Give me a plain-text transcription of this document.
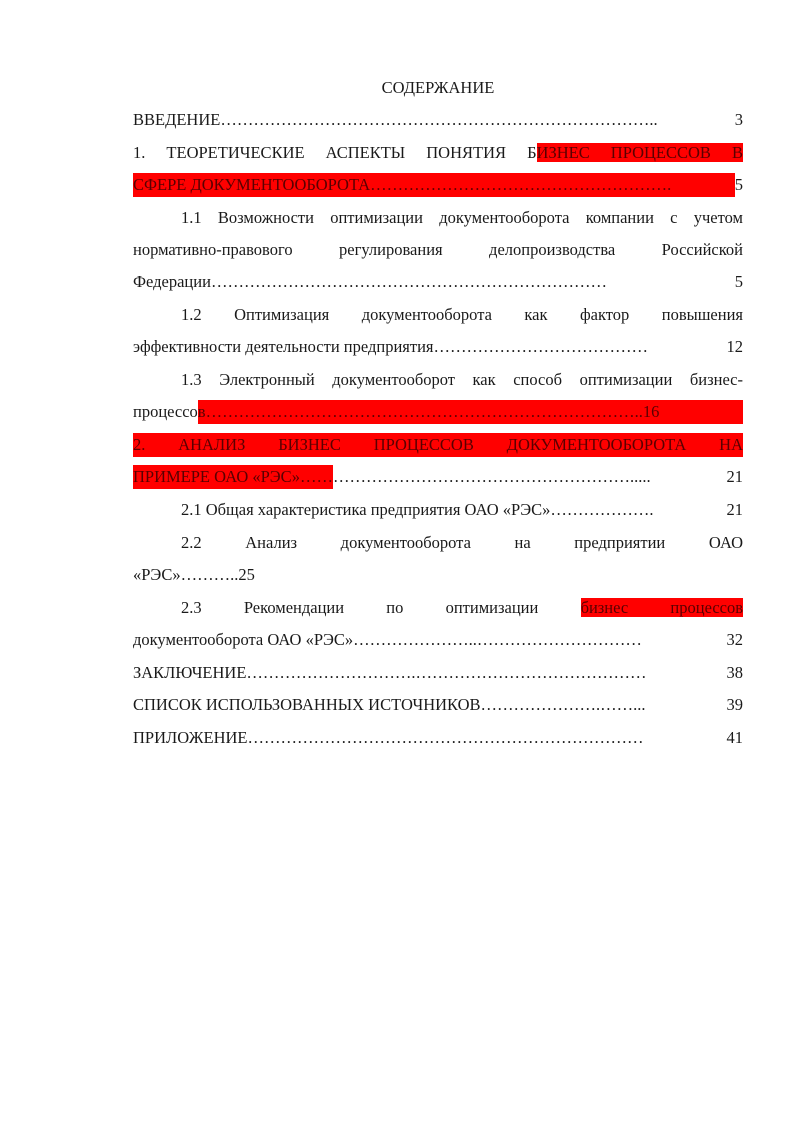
СОДЕРЖАНИЕ
ВВЕДЕНИЕ ……………………………………………………………………..	3
1. ТЕОРЕТИЧЕСКИЕ АСПЕКТЫ ПОНЯТИЯ БИЗНЕС ПРОЦЕССОВ В
СФЕРЕ ДОКУМЕНТООБОРОТА……………………………………………….	5
1.1 Возможности оптимизации документооборота компании с учетом
нормативно-правового регулирования делопроизводства Российской
Федерации ………………………………………………………………	5
1.2 Оптимизация документооборота как фактор повышения
эффективности деятельности предприятия …………………………………	12
1.3 Электронный документооборот как способ оптимизации бизнес-
процессо в……………………………………………………………………..16
2. АНАЛИЗ БИЗНЕС ПРОЦЕССОВ ДОКУМЕНТООБОРОТА НА
ПРИМЕРЕ ОАО «РЭС»…… ……………………………………………….....	21
2.1 Общая характеристика предприятия ОАО «РЭС» ……………….	21
2.2 Анализ документооборота на предприятии ОАО
«РЭС»………..25
2.3 Рекомендации по оптимизации	бизнес процессов
документооборота ОАО «РЭС» …………………..…………………………	32
ЗАКЛЮЧЕНИЕ ………………………….……………………………………	38
СПИСОК ИСПОЛЬЗОВАННЫХ ИСТОЧНИКОВ ………………….……...	39
ПРИЛОЖЕНИЕ ………………………………………………………………	41
